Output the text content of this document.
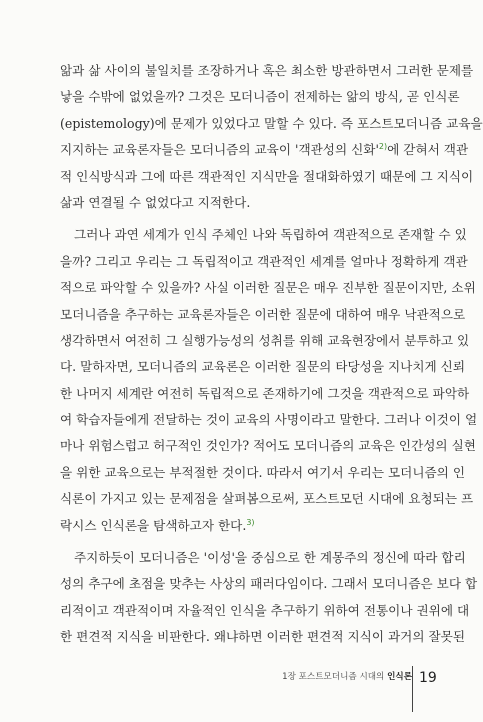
앎과 삶 사이의 불일치를 조장하거나 혹은 최소한 방관하면서 그러한 문제를
낳을 수밖에 없었을까? 그것은 모더니즘이 전제하는 앎의 방식, 곧 인식론
(epistemology)에 문제가 있었다고 말할 수 있다. 즉 포스트모더니즘 교육을
지지하는 교육론자들은 모더니즘의 교육이 '객관성의 신화'$^{2)}$에 갇혀서 객관
적 인식방식과 그에 따른 객관적인 지식만을 절대화하였기 때문에 그 지식이
삶과 연결될 수 없었다고 지적한다.
그러나 과연 세계가 인식 주체인 나와 독립하여 객관적으로 존재할 수 있
을까? 그리고 우리는 그 독립적이고 객관적인 세계를 얼마나 정확하게 객관
적으로 파악할 수 있을까? 사실 이러한 질문은 매우 진부한 질문이지만, 소위
모더니즘을 추구하는 교육론자들은 이러한 질문에 대하여 매우 낙관적으로
생각하면서 여전히 그 실행가능성의 성취를 위해 교육현장에서 분투하고 있
다. 말하자면, 모더니즘의 교육론은 이러한 질문의 타당성을 지나치게 신뢰
한 나머지 세계란 여전히 독립적으로 존재하기에 그것을 객관적으로 파악하
여 학습자들에게 전달하는 것이 교육의 사명이라고 말한다. 그러나 이것이 얼
마나 위험스럽고 허구적인 것인가? 적어도 모더니즘의 교육은 인간성의 실현
을 위한 교육으로는 부적절한 것이다. 따라서 여기서 우리는 모더니즘의 인
식론이 가지고 있는 문제점을 살펴봄으로써, 포스트모던 시대에 요청되는 프
락시스 인식론을 탐색하고자 한다.$^{3)}$
주지하듯이 모더니즘은 '이성'을 중심으로 한 계몽주의 정신에 따라 합리
성의 추구에 초점을 맞추는 사상의 패러다임이다. 그래서 모더니즘은 보다 합
리적이고 객관적이며 자율적인 인식을 추구하기 위하여 전통이나 권위에 대
한 편견적 지식을 비판한다. 왜냐하면 이러한 편견적 지식이 과거의 잘못된
1장 포스트모더니즘 시대의 인식론 19
